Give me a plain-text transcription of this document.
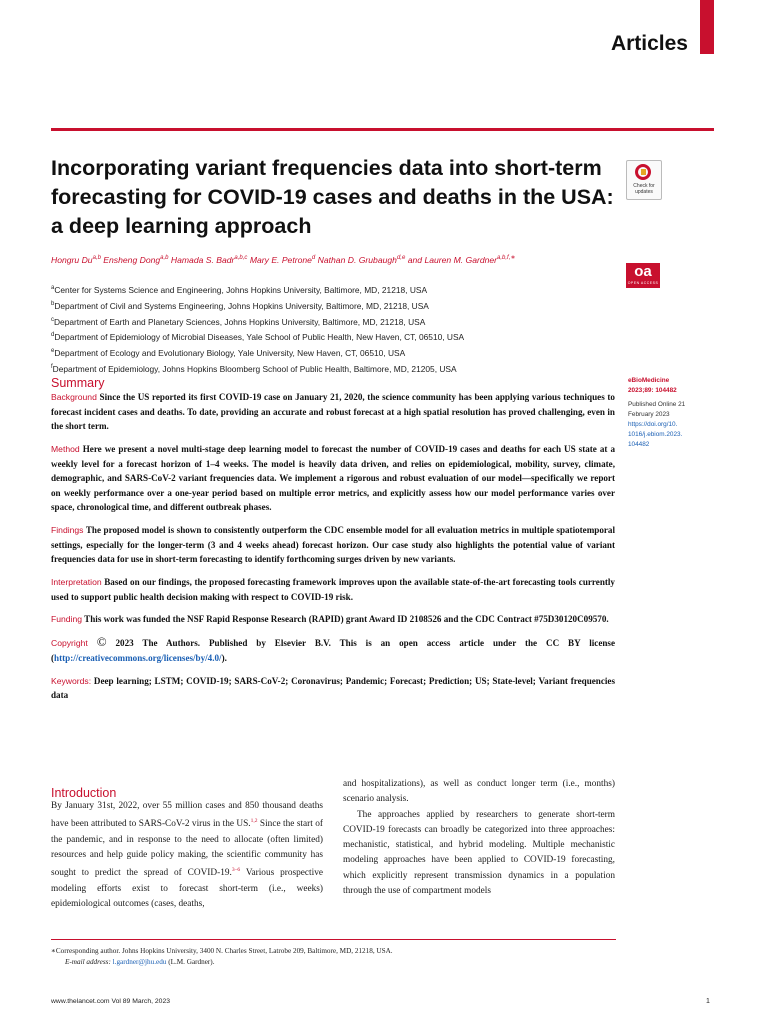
Articles
Incorporating variant frequencies data into short-term forecasting for COVID-19 cases and deaths in the USA: a deep learning approach
Check for updates
Hongru Du$^{a,b}$ Ensheng Dong$^{a,b}$ Hamada S. Badr$^{a,b,c}$ Mary E. Petrone$^d$ Nathan D. Grubaugh$^{d,e}$ and Lauren M. Gardner$^{a,b,f,∗}$
oa
OPEN ACCESS
$^a$Center for Systems Science and Engineering, Johns Hopkins University, Baltimore, MD, 21218, USA
$^b$Department of Civil and Systems Engineering, Johns Hopkins University, Baltimore, MD, 21218, USA
$^c$Department of Earth and Planetary Sciences, Johns Hopkins University, Baltimore, MD, 21218, USA
$^d$Department of Epidemiology of Microbial Diseases, Yale School of Public Health, New Haven, CT, 06510, USA
$^e$Department of Ecology and Evolutionary Biology, Yale University, New Haven, CT, 06510, USA
$^f$Department of Epidemiology, Johns Hopkins Bloomberg School of Public Health, Baltimore, MD, 21205, USA
Summary

Background Since the US reported its first COVID-19 case on January 21, 2020, the science community has been applying various techniques to forecast incident cases and deaths. To date, providing an accurate and robust forecast at a high spatial resolution has proved challenging, even in the short term.

Method Here we present a novel multi-stage deep learning model to forecast the number of COVID-19 cases and deaths for each US state at a weekly level for a forecast horizon of 1–4 weeks. The model is heavily data driven, and relies on epidemiological, mobility, survey, climate, demographic, and SARS-CoV-2 variant frequencies data. We implement a rigorous and robust evaluation of our model—specifically we report on weekly performance over a one-year period based on multiple error metrics, and explicitly assess how our model performance varies over space, chronological time, and different outbreak phases.

Findings The proposed model is shown to consistently outperform the CDC ensemble model for all evaluation metrics in multiple spatiotemporal settings, especially for the longer-term (3 and 4 weeks ahead) forecast horizon. Our case study also highlights the potential value of variant frequencies data for use in short-term forecasting to identify forthcoming surges driven by new variants.

Interpretation Based on our findings, the proposed forecasting framework improves upon the available state-of-the-art forecasting tools currently used to support public health decision making with respect to COVID-19 risk.

Funding This work was funded the NSF Rapid Response Research (RAPID) grant Award ID 2108526 and the CDC Contract #75D30120C09570.

Copyright © 2023 The Authors. Published by Elsevier B.V. This is an open access article under the CC BY license (http://creativecommons.org/licenses/by/4.0/).

Keywords: Deep learning; LSTM; COVID-19; SARS-CoV-2; Coronavirus; Pandemic; Forecast; Prediction; US; State-level; Variant frequencies data

eBioMedicine
2023;89: 104482
Published Online 21
February 2023
https://doi.org/10.
1016/j.ebiom.2023.
104482
Introduction

By January 31st, 2022, over 55 million cases and 850 thousand deaths have been attributed to SARS-CoV-2 virus in the US.$^{1,2}$ Since the start of the pandemic, and in response to the need to allocate (often limited) resources and help guide policy making, the scientific community has sought to predict the spread of COVID-19.$^{3-6}$ Various prospective modeling efforts exist to forecast short-term (i.e., weeks) epidemiological outcomes (cases, deaths,

and hospitalizations), as well as conduct longer term (i.e., months) scenario analysis.

The approaches applied by researchers to generate short-term COVID-19 forecasts can broadly be categorized into three approaches: mechanistic, statistical, and hybrid modeling. Multiple mechanistic modeling approaches have been applied to COVID-19 forecasting, which explicitly represent transmission dynamics in a population through the use of compartment models

∗Corresponding author. Johns Hopkins University, 3400 N. Charles Street, Latrobe 209, Baltimore, MD, 21218, USA.
E-mail address: l.gardner@jhu.edu (L.M. Gardner).
www.thelancet.com Vol 89 March, 2023	1
